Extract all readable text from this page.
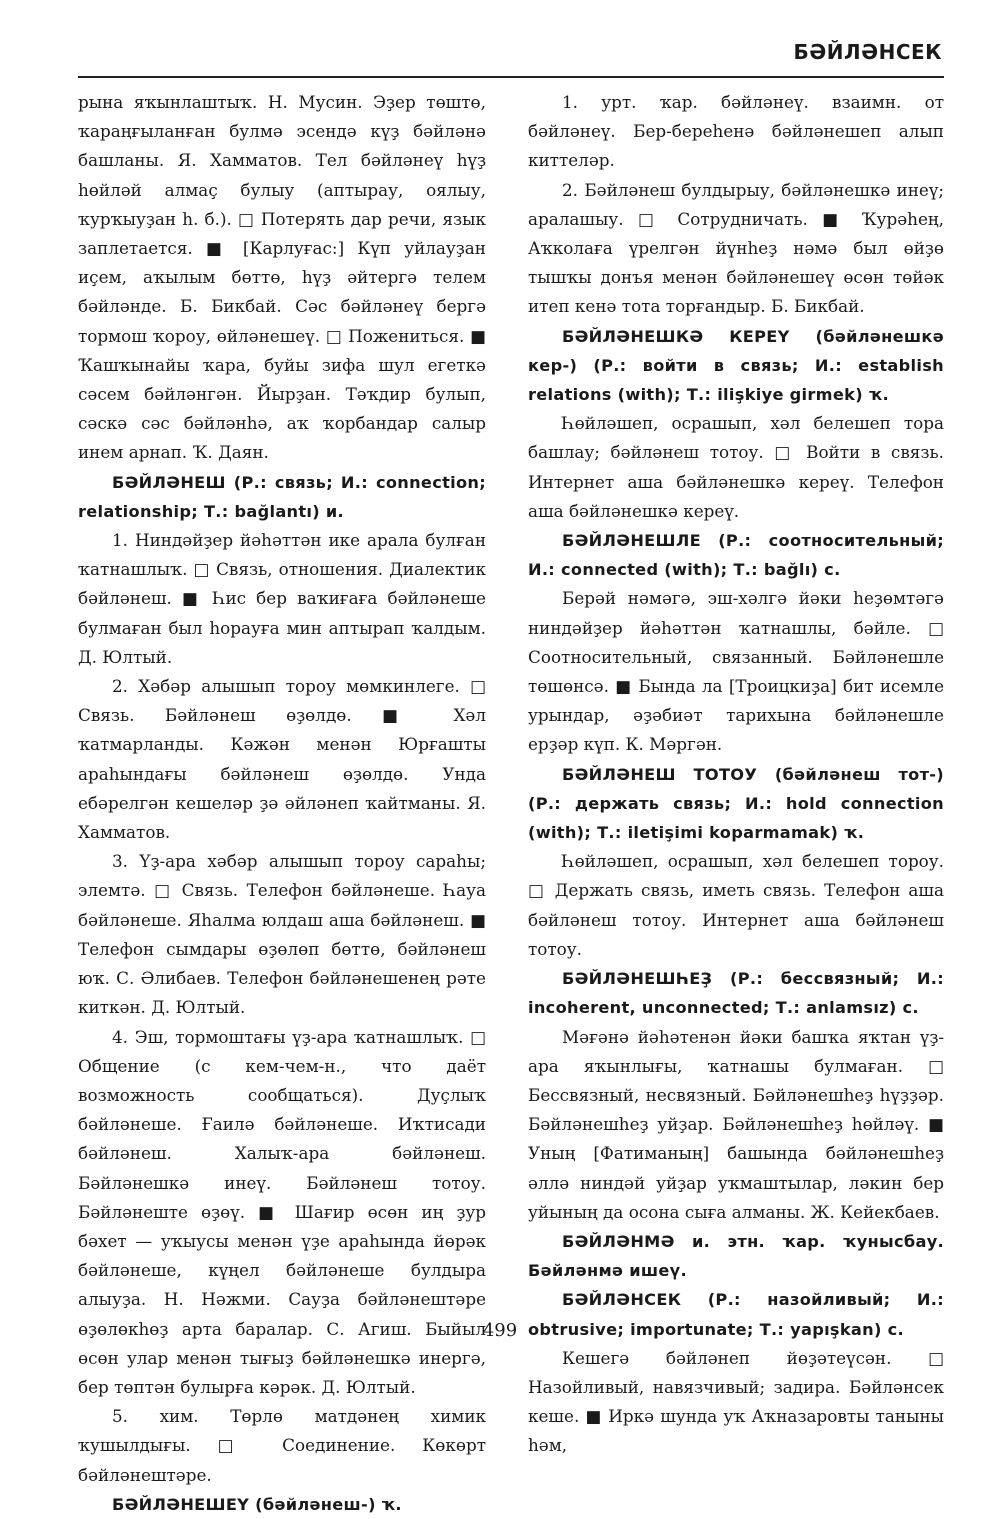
БӘЙЛӘНСЕК

рына яҡынлаштыҡ. Н. Мусин. Эҙер төштө, ҡараңғыланған булмә эсендә күҙ бәйләнә башланы. Я. Хамматов. Тел бәйләнеү һүҙ һөйләй алмаҫ булыу (аптырау, оялыу, ҡурҡыуҙан һ. б.). □ Потерять дар речи, язык заплетается. ■ [Карлуғас:] Күп уйлауҙан иҫем, аҡылым бөттө, һүҙ әйтергә телем бәйләнде. Б. Бикбай. Сәс бәйләнеү бергә тормош ҡороу, өйләнешеү. □ Пожениться. ■ Ҡашҡынайы ҡара, буйы зифа шул егеткә сәсем бәйләнгән. Йырҙан. Тәҡдир булып, сәскә сәс бәйләнһә, аҡ ҡорбандар салыр инем арнап. Ҡ. Даян.

БӘЙЛӘНЕШ (Р.: связь; И.: connection; relationship; Т.: bağlantı) и.

1. Ниндәйҙер йәһәттән ике арала булған ҡатнашлыҡ. □ Связь, отношения. Диалектик бәйләнеш. ■ Һис бер ваҡиғаға бәйләнеше булмаған был һорауға мин аптырап ҡалдым. Д. Юлтый.

2. Хәбәр алышып тороу мөмкинлеге. □ Связь. Бәйләнеш өҙөлдө. ■ Хәл ҡатмарланды. Кәжән менән Юрғашты араһындағы бәйләнеш өҙөлдө. Унда ебәрелгән кешеләр ҙә әйләнеп ҡайтманы. Я. Хамматов.

3. Үҙ-ара хәбәр алышып тороу сараһы; элемтә. □ Связь. Телефон бәйләнеше. Һауа бәйләнеше. Яһалма юлдаш аша бәйләнеш. ■ Телефон сымдары өҙөлөп бөттө, бәйләнеш юҡ. С. Әлибаев. Телефон бәйләнешенең рәте киткән. Д. Юлтый.

4. Эш, тормоштағы үҙ-ара ҡатнашлыҡ. □ Общение (с кем-чем-н., что даёт возможность сообщаться). Дуҫлыҡ бәйләнеше. Ғаилә бәйләнеше. Иҡтисади бәйләнеш. Халыҡ-ара бәйләнеш. Бәйләнешкә инеү. Бәйләнеш тотоу. Бәйләнеште өҙөү. ■ Шағир өсөн иң ҙур бәхет — уҡыусы менән үҙе араһында йөрәк бәйләнеше, күңел бәйләнеше булдыра алыуҙа. Н. Нәжми. Сауҙа бәйләнештәре өҙөлөкһөҙ арта баралар. С. Агиш. Быйыл өсөн улар менән тығыҙ бәйләнешкә инергә, бер төптән булырға кәрәк. Д. Юлтый.

5. хим. Төрлө матдәнең химик ҡушылдығы. □ Соединение. Көкөрт бәйләнештәре.

БӘЙЛӘНЕШЕҮ (бәйләнеш-) ҡ.

1. урт. ҡар. бәйләнеү. взаимн. от бәйләнеү. Бер-береһенә бәйләнешеп алып киттеләр.

2. Бәйләнеш булдырыу, бәйләнешкә инеү; аралашыу. □ Сотрудничать. ■ Ҡурәһең, Аҡколаға үрелгән йүнһеҙ нәмә был өйҙө тышҡы донъя менән бәйләнешеү өсөн төйәк итеп кенә тота торғандыр. Б. Бикбай.

БӘЙЛӘНЕШКӘ КЕРЕҮ (бәйләнешкә кер-) (Р.: войти в связь; И.: establish relations (with); Т.: ilişkiye girmek) ҡ.

Һөйләшеп, осрашып, хәл белешеп тора башлау; бәйләнеш тотоу. □ Войти в связь. Интернет аша бәйләнешкә кереү. Телефон аша бәйләнешкә кереү.

БӘЙЛӘНЕШЛЕ (Р.: соотносительный; И.: connected (with); Т.: bağlı) с.

Берәй нәмәгә, эш-хәлгә йәки һеҙөмтәгә ниндәйҙер йәһәттән ҡатнашлы, бәйле. □ Соотносительный, связанный. Бәйләнешле төшөнсә. ■ Бында ла [Троицкиҙа] бит исемле урындар, әҙәбиәт тарихына бәйләнешле ерҙәр күп. К. Мәргән.

БӘЙЛӘНЕШ ТОТОУ (бәйләнеш тот-) (Р.: держать связь; И.: hold connection (with); Т.: iletişimi koparmamak) ҡ.

Һөйләшеп, осрашып, хәл белешеп тороу. □ Держать связь, иметь связь. Телефон аша бәйләнеш тотоу. Интернет аша бәйләнеш тотоу.

БӘЙЛӘНЕШҺЕҘ (Р.: бессвязный; И.: incoherent, unconnected; Т.: anlamsız) с.

Мәғәнә йәһәтенән йәки башҡа яҡтан үҙ-ара яҡынлығы, ҡатнашы булмаған. □ Бессвязный, несвязный. Бәйләнешһеҙ һүҙҙәр. Бәйләнешһеҙ уйҙар. Бәйләнешһеҙ һөйләү. ■ Уның [Фатиманың] башында бәйләнешһеҙ әллә ниндәй уйҙар уҡмаштылар, ләкин бер уйының да осона сыға алманы. Ж. Кейекбаев.

БӘЙЛӘНМӘ и. этн. ҡар. ҡунысбау. Бәйләнмә ишеү.

БӘЙЛӘНСЕК (Р.: назойливый; И.: obtrusive; importunate; Т.: yapışkan) с.

Кешегә бәйләнеп йөҙәтеүсән. □ Назойливый, навязчивый; задира. Бәйләнсек кеше. ■ Иркә шунда уҡ Аҡназаровты таныны һәм,

499
